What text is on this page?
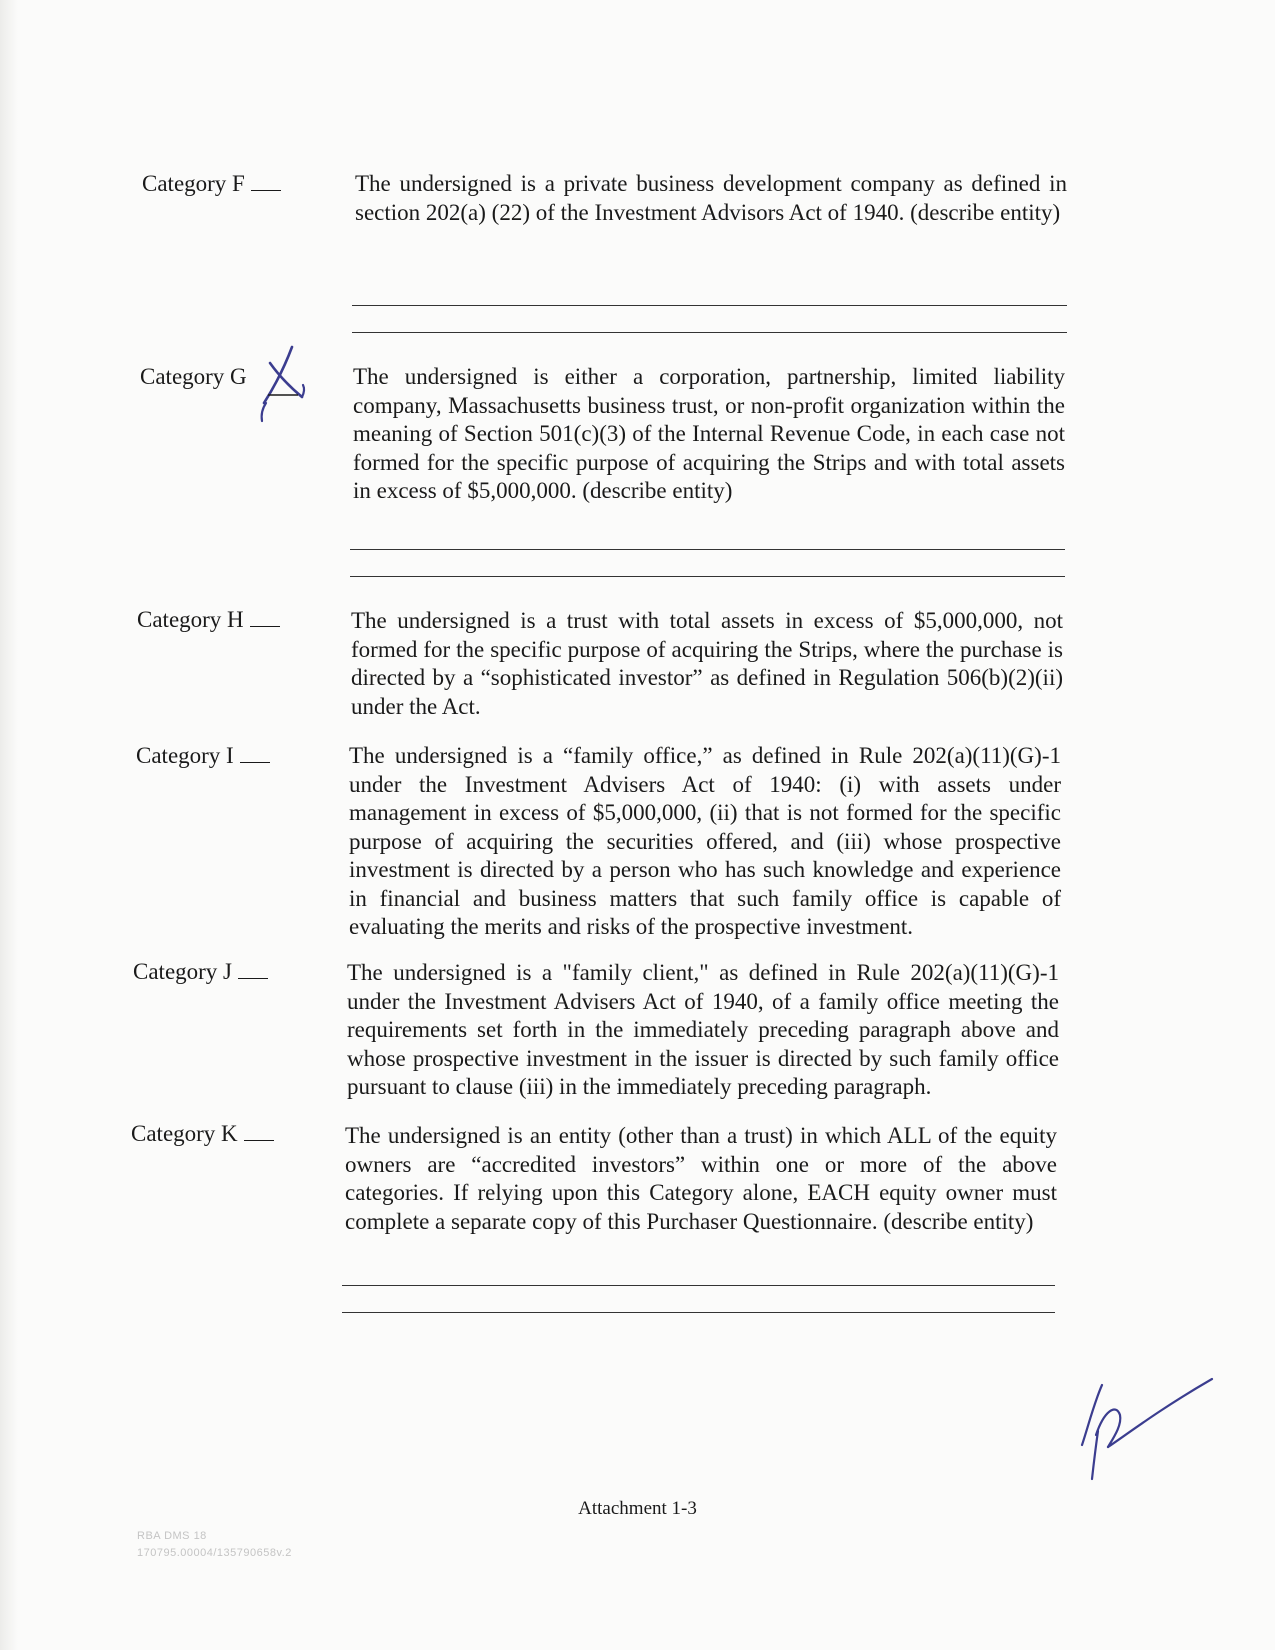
Category F	The undersigned is a private business development company as defined in section 202(a) (22) of the Investment Advisors Act of 1940. (describe entity)
Category G	The undersigned is either a corporation, partnership, limited liability company, Massachusetts business trust, or non-profit organization within the meaning of Section 501(c)(3) of the Internal Revenue Code, in each case not formed for the specific purpose of acquiring the Strips and with total assets in excess of $5,000,000. (describe entity)
Category H	The undersigned is a trust with total assets in excess of $5,000,000, not formed for the specific purpose of acquiring the Strips, where the purchase is directed by a “sophisticated investor” as defined in Regulation 506(b)(2)(ii) under the Act.
Category I	The undersigned is a “family office,” as defined in Rule 202(a)(11)(G)-1 under the Investment Advisers Act of 1940: (i) with assets under management in excess of $5,000,000, (ii) that is not formed for the specific purpose of acquiring the securities offered, and (iii) whose prospective investment is directed by a person who has such knowledge and experience in financial and business matters that such family office is capable of evaluating the merits and risks of the prospective investment.
Category J	The undersigned is a "family client," as defined in Rule 202(a)(11)(G)-1 under the Investment Advisers Act of 1940, of a family office meeting the requirements set forth in the immediately preceding paragraph above and whose prospective investment in the issuer is directed by such family office pursuant to clause (iii) in the immediately preceding paragraph.
Category K	The undersigned is an entity (other than a trust) in which ALL of the equity owners are “accredited investors” within one or more of the above categories. If relying upon this Category alone, EACH equity owner must complete a separate copy of this Purchaser Questionnaire. (describe entity)
Attachment 1-3
RBA DMS 18
170795.00004/135790658v.2
